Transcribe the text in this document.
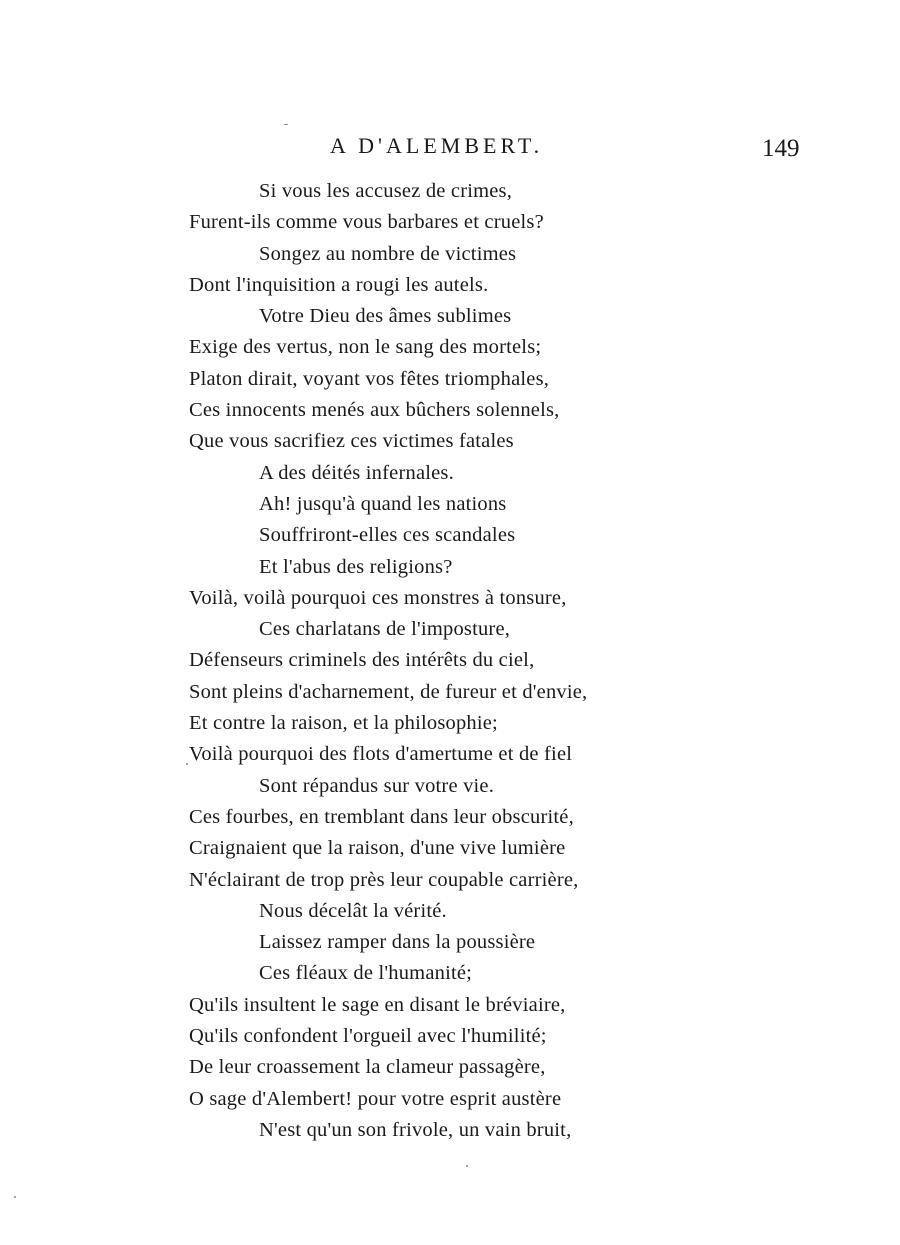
A D'ALEMBERT.	149
Si vous les accusez de crimes,
Furent-ils comme vous barbares et cruels?
Songez au nombre de victimes
Dont l'inquisition a rougi les autels.
Votre Dieu des âmes sublimes
Exige des vertus, non le sang des mortels;
Platon dirait, voyant vos fêtes triomphales,
Ces innocents menés aux bûchers solennels,
Que vous sacrifiez ces victimes fatales
A des déités infernales.
Ah! jusqu'à quand les nations
Souffriront-elles ces scandales
Et l'abus des religions?
Voilà, voilà pourquoi ces monstres à tonsure,
Ces charlatans de l'imposture,
Défenseurs criminels des intérêts du ciel,
Sont pleins d'acharnement, de fureur et d'envie,
Et contre la raison, et la philosophie;
Voilà pourquoi des flots d'amertume et de fiel
Sont répandus sur votre vie.
Ces fourbes, en tremblant dans leur obscurité,
Craignaient que la raison, d'une vive lumière
N'éclairant de trop près leur coupable carrière,
Nous décelât la vérité.
Laissez ramper dans la poussière
Ces fléaux de l'humanité;
Qu'ils insultent le sage en disant le bréviaire,
Qu'ils confondent l'orgueil avec l'humilité;
De leur croassement la clameur passagère,
O sage d'Alembert! pour votre esprit austère
N'est qu'un son frivole, un vain bruit,
